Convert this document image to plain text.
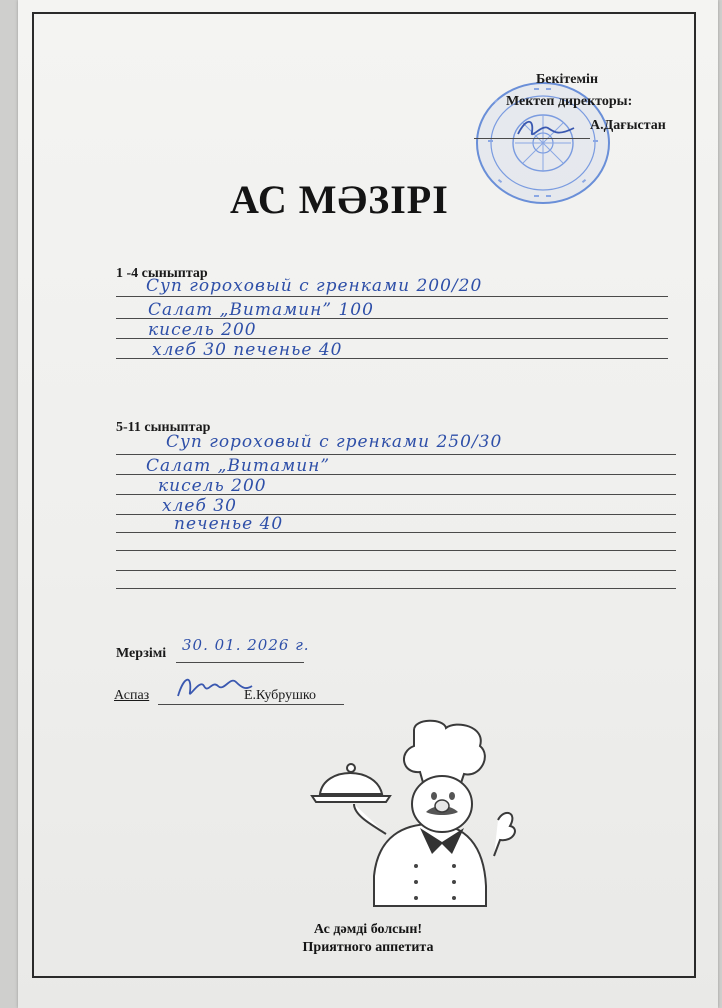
Бекітемін
Мектеп директоры:
А.Дағыстан
АС МӘЗІРІ
1 -4 сыныптар
Суп гороховый с гренками 200/20
Салат „Витамин” 100
кисель 200
хлеб 30 печенье 40
5-11 сыныптар
Суп гороховый с гренками 250/30
Салат „Витамин”
кисель 200
хлеб 30
печенье 40
Мерзімі 30. 01. 2026 г.
Аспаз	Е.Кубрушко
Ас дәмді болсын!
Приятного аппетита
